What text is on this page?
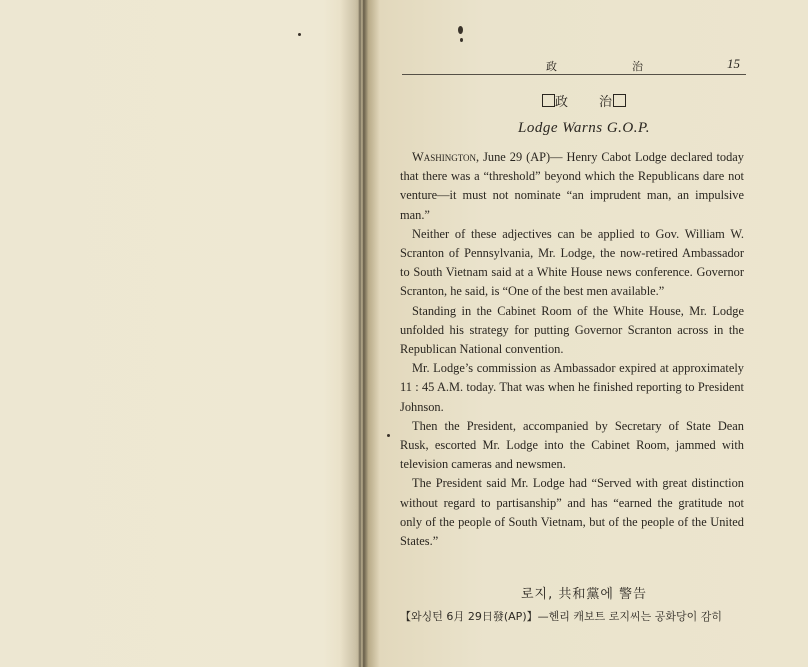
政	治	15
政 治
Lodge Warns G.O.P.

Washington, June 29 (AP)— Henry Cabot Lodge declared today that there was a “threshold” beyond which the Republicans dare not venture—it must not nominate “an imprudent man, an impulsive man.”

Neither of these adjectives can be applied to Gov. William W. Scranton of Pennsylvania, Mr. Lodge, the now-retired Ambassador to South Vietnam said at a White House news conference. Governor Scranton, he said, is “One of the best men available.”

Standing in the Cabinet Room of the White House, Mr. Lodge unfolded his strategy for putting Governor Scranton across in the Republican National convention.

Mr. Lodge’s commission as Ambassador expired at approximately 11 : 45 A.M. today. That was when he finished reporting to President Johnson.

Then the President, accompanied by Secretary of State Dean Rusk, escorted Mr. Lodge into the Cabinet Room, jammed with television cameras and newsmen.

The President said Mr. Lodge had “Served with great distinction without regard to partisanship” and has “earned the gratitude not only of the people of South Vietnam, but of the people of the United States.”

로지, 共和黨에 警告
【와싱턴 6月 29日發(AP)】—헨리 캐보트 로지씨는 공화당이 감히
